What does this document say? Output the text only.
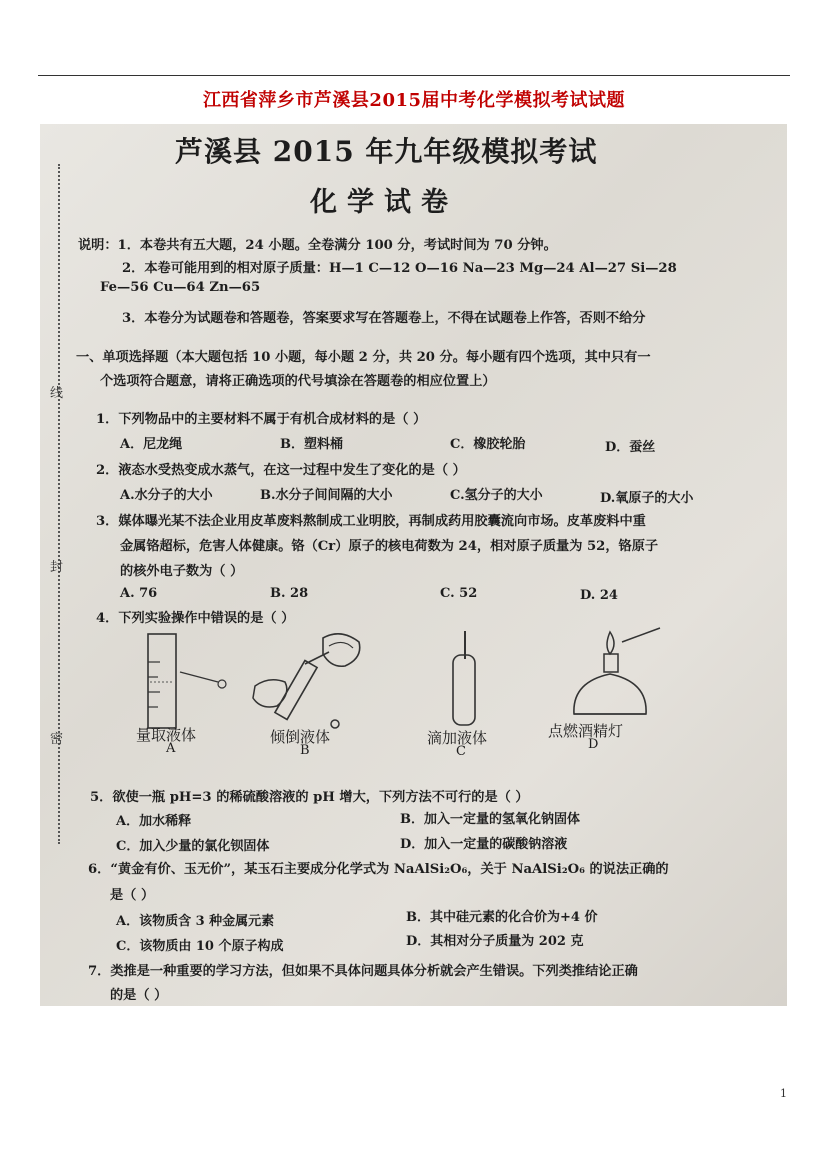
江西省萍乡市芦溪县2015届中考化学模拟考试试题
线
封
密
芦溪县 2015 年九年级模拟考试
化学试卷
说明：1．本卷共有五大题，24 小题。全卷满分 100 分，考试时间为 70 分钟。
2．本卷可能用到的相对原子质量：H—1 C—12 O—16 Na—23 Mg—24 Al—27 Si—28
Fe—56 Cu—64 Zn—65
3．本卷分为试题卷和答题卷，答案要求写在答题卷上，不得在试题卷上作答，否则不给分
一、单项选择题（本大题包括 10 小题，每小题 2 分，共 20 分。每小题有四个选项，其中只有一
个选项符合题意，请将正确选项的代号填涂在答题卷的相应位置上）
1．下列物品中的主要材料不属于有机合成材料的是（ ）
A．尼龙绳	B．塑料桶	C．橡胶轮胎	D．蚕丝
2．液态水受热变成水蒸气，在这一过程中发生了变化的是（ ）
A.水分子的大小	B.水分子间间隔的大小	C.氢分子的大小	D.氧原子的大小
3．媒体曝光某不法企业用皮革废料熬制成工业明胶，再制成药用胶囊流向市场。皮革废料中重
金属铬超标，危害人体健康。铬（Cr）原子的核电荷数为 24，相对原子质量为 52，铬原子
的核外电子数为（ ）
A. 76	B. 28	C. 52	D. 24
4．下列实验操作中错误的是（ ）
量取液体
A
倾倒液体
B
滴加液体
C
点燃酒精灯
D
5．欲使一瓶 pH=3 的稀硫酸溶液的 pH 增大，下列方法不可行的是（ ）
A．加水稀释	B．加入一定量的氢氧化钠固体
C．加入少量的氯化钡固体	D．加入一定量的碳酸钠溶液
6．“黄金有价、玉无价”，某玉石主要成分化学式为 NaAlSi₂O₆，关于 NaAlSi₂O₆ 的说法正确的
是（ ）
A．该物质含 3 种金属元素	B．其中硅元素的化合价为+4 价
C．该物质由 10 个原子构成	D．其相对分子质量为 202 克
7．类推是一种重要的学习方法，但如果不具体问题具体分析就会产生错误。下列类推结论正确
的是（ ）
1
